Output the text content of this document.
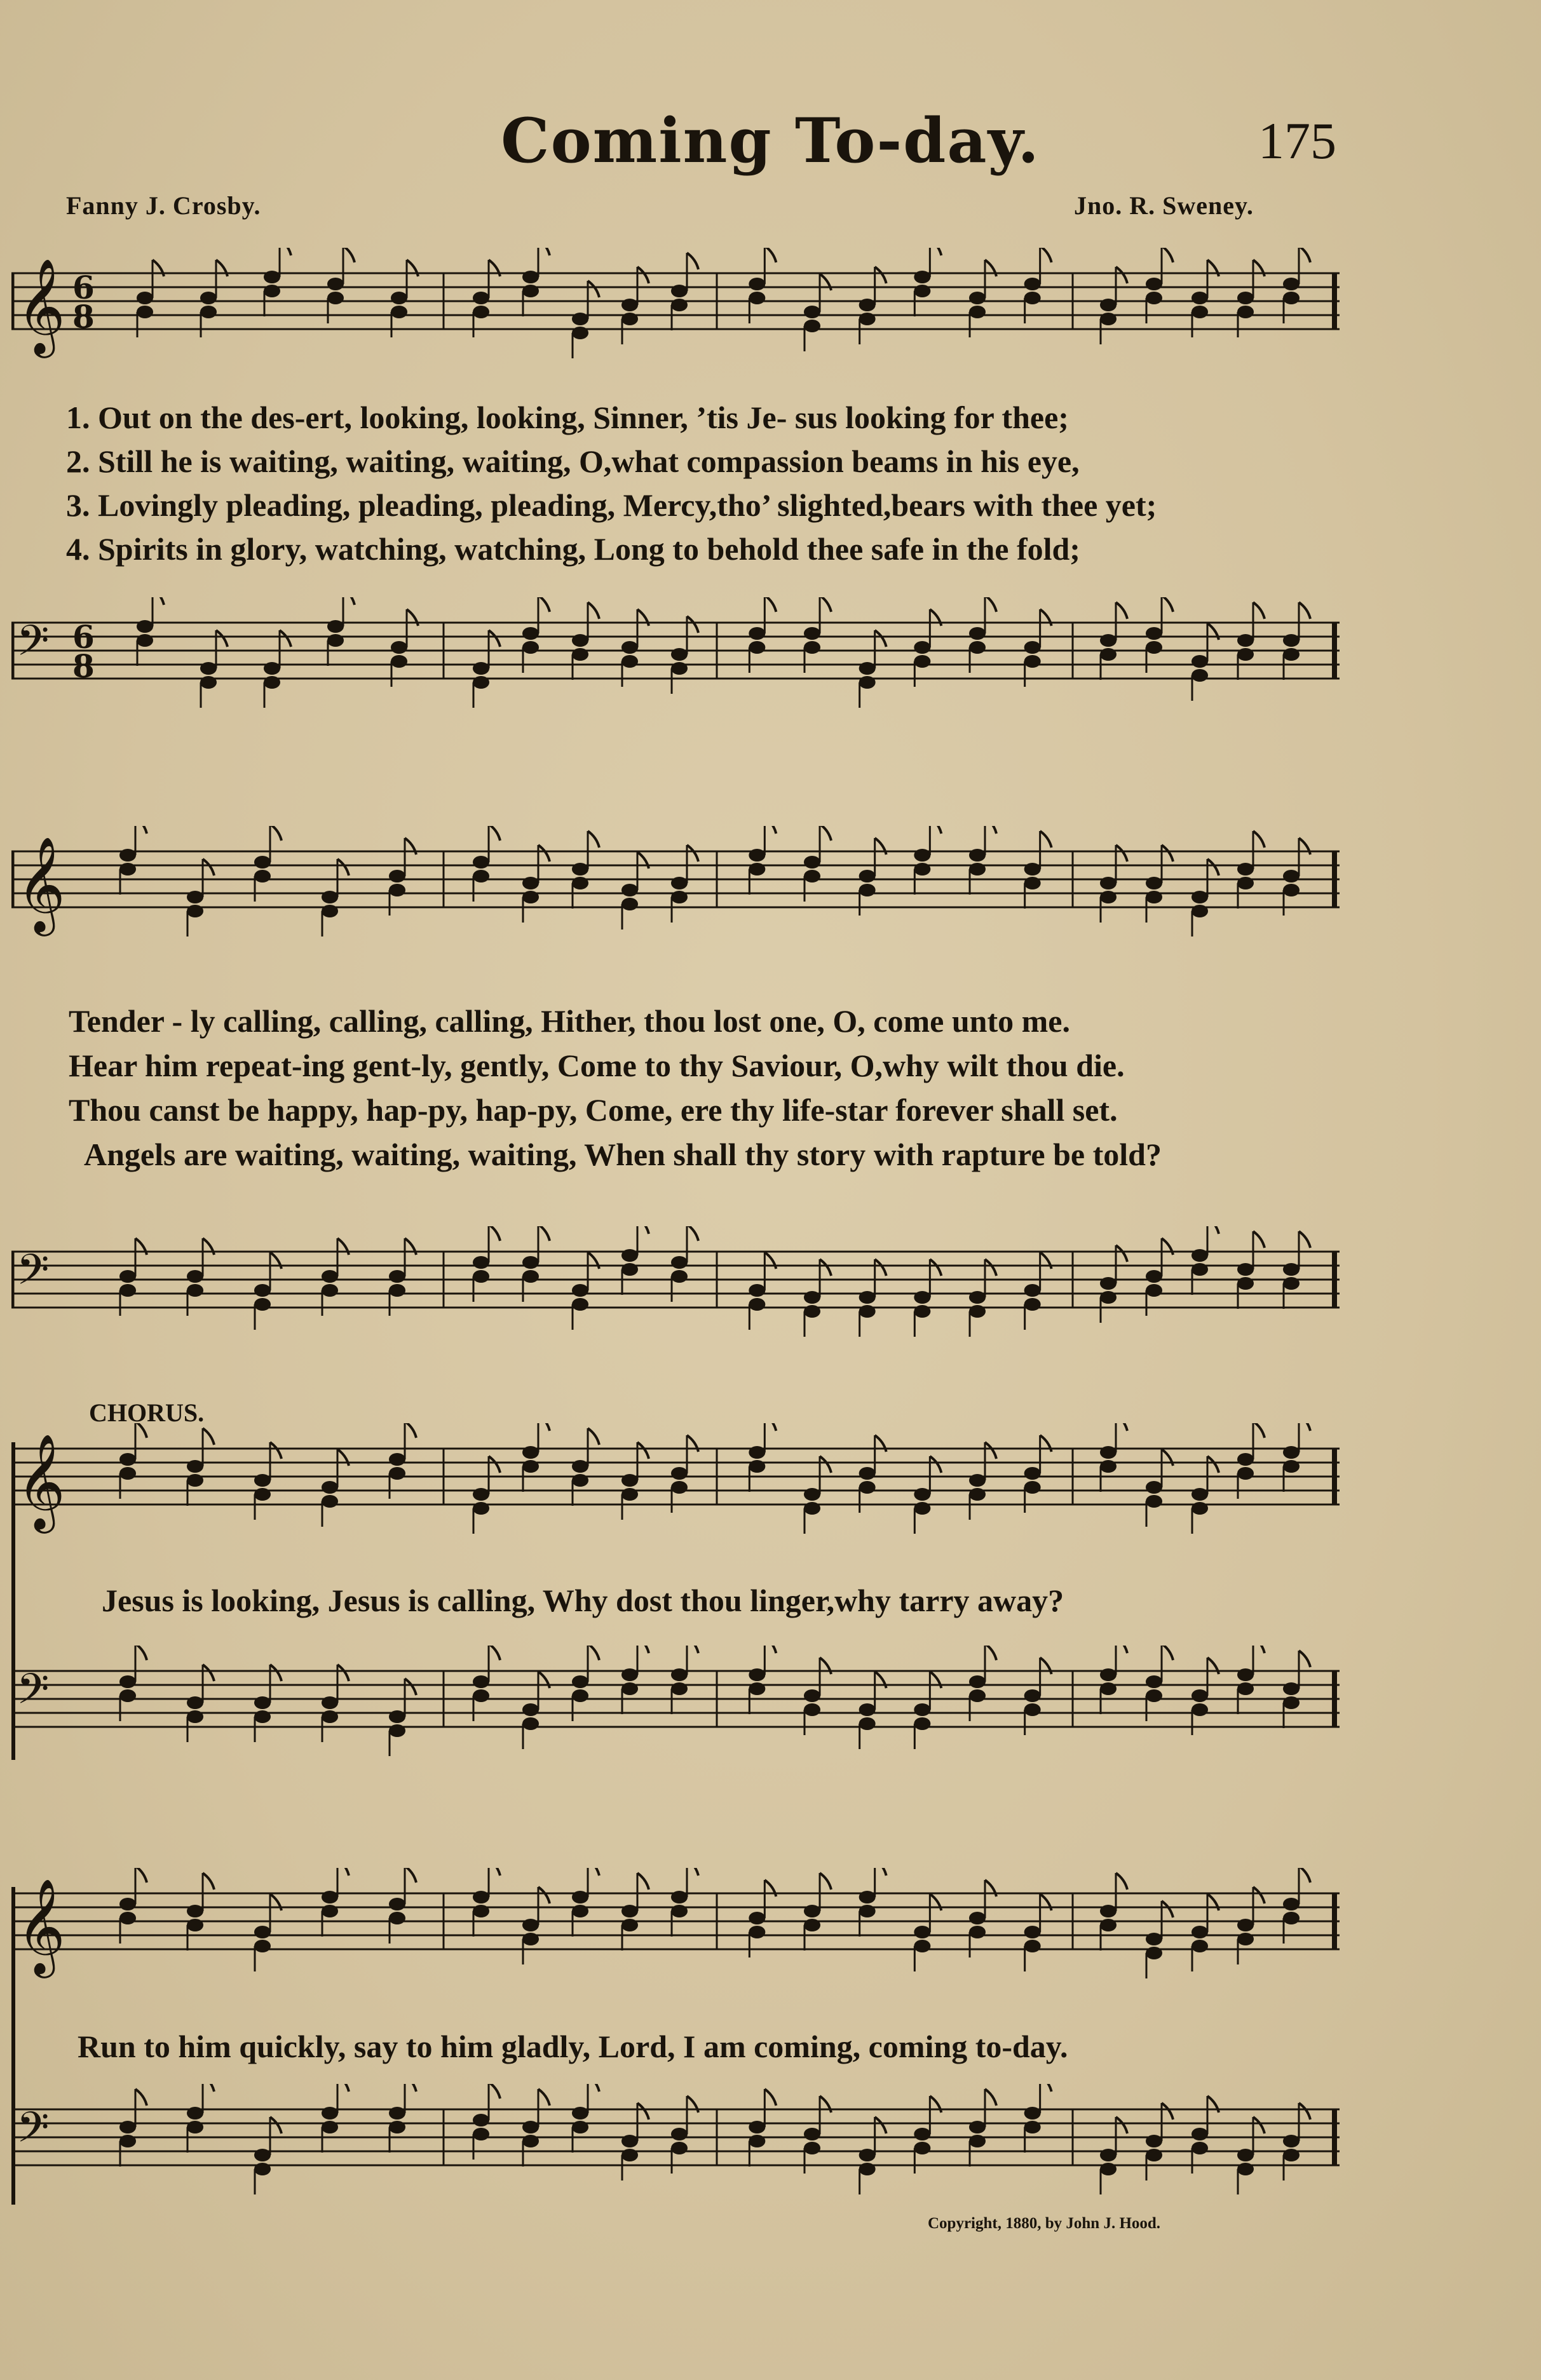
Coming To-day.	175
Fanny J. Crosby.	Jno. R. Sweney.
𝄞 6
8
1. Out on the des-ert, looking, looking, Sinner, ’tis Je- sus looking for thee;
2. Still he is waiting, waiting, waiting, O,what compassion beams in his eye,
3. Lovingly pleading, pleading, pleading, Mercy,tho’ slighted,bears with thee yet;
4. Spirits in glory, watching, watching, Long to behold thee safe in the fold;
𝄢 6
8
𝄞
Tender - ly calling, calling, calling, Hither, thou lost one, O, come unto me.
Hear him repeat-ing gent-ly, gently, Come to thy Saviour, O,why wilt thou die.
Thou canst be happy, hap-py, hap-py, Come, ere thy life-star forever shall set.
Angels are waiting, waiting, waiting, When shall thy story with rapture be told?
𝄢
CHORUS.
𝄞
Jesus is looking, Jesus is calling, Why dost thou linger,why tarry away?
𝄢
𝄞
Run to him quickly, say to him gladly, Lord, I am coming, coming to-day.
𝄢
Copyright, 1880, by John J. Hood.
